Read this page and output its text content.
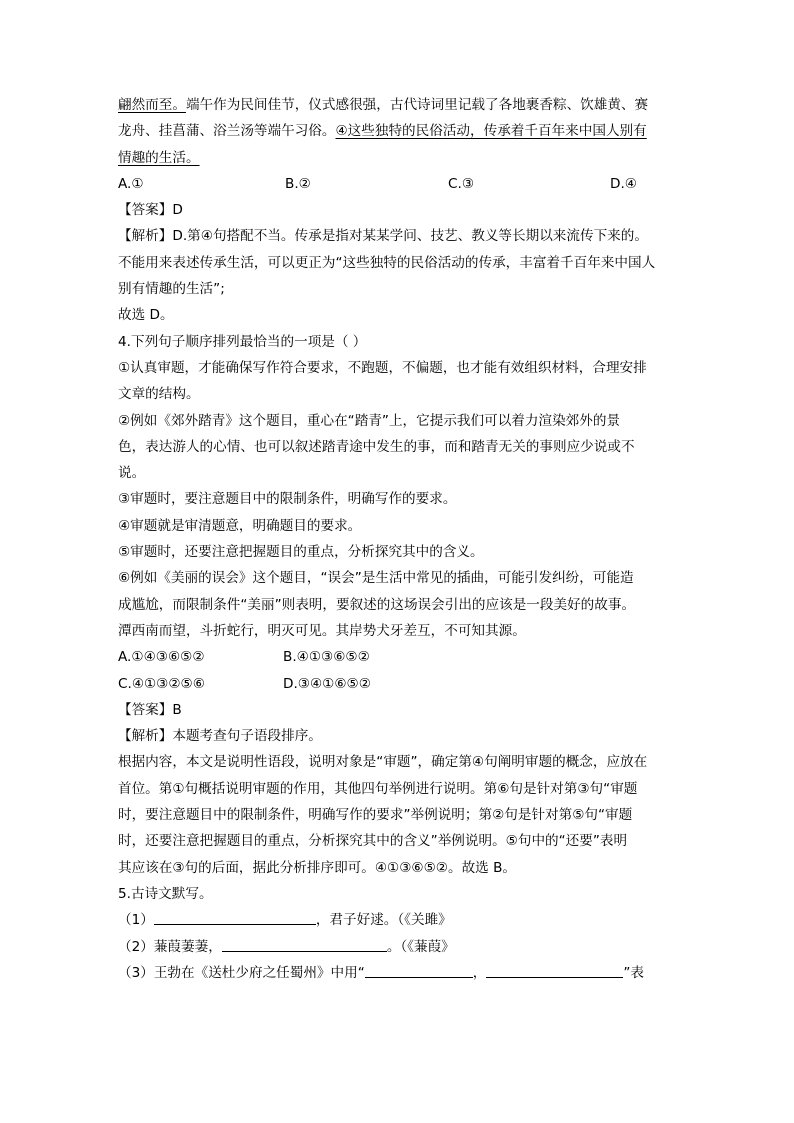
翩然而至。端午作为民间佳节，仪式感很强，古代诗词里记载了各地裹香粽、饮雄黄、赛
龙舟、挂菖蒲、浴兰汤等端午习俗。④这些独特的民俗活动，传承着千百年来中国人别有
情趣的生活。
A.①	B.②	C.③	D.④
【答案】D
【解析】D.第④句搭配不当。传承是指对某某学问、技艺、教义等长期以来流传下来的。
不能用来表述传承生活，可以更正为“这些独特的民俗活动的传承，丰富着千百年来中国人
别有情趣的生活”;
故选 D。
4.下列句子顺序排列最恰当的一项是（ ）
①认真审题，才能确保写作符合要求，不跑题，不偏题，也才能有效组织材料，合理安排
文章的结构。
②例如《郊外踏青》这个题目，重心在“踏青”上，它提示我们可以着力渲染郊外的景
色，表达游人的心情、也可以叙述踏青途中发生的事，而和踏青无关的事则应少说或不
说。
③审题时，要注意题目中的限制条件，明确写作的要求。
④审题就是审清题意，明确题目的要求。
⑤审题时，还要注意把握题目的重点，分析探究其中的含义。
⑥例如《美丽的误会》这个题目，“误会”是生活中常见的插曲，可能引发纠纷，可能造
成尴尬，而限制条件“美丽”则表明，要叙述的这场误会引出的应该是一段美好的故事。
潭西南而望，斗折蛇行，明灭可见。其岸势犬牙差互，不可知其源。
A.①④③⑥⑤②	B.④①③⑥⑤②
C.④①③②⑤⑥	D.③④①⑥⑤②
【答案】B
【解析】本题考查句子语段排序。
根据内容，本文是说明性语段，说明对象是“审题”，确定第④句阐明审题的概念，应放在
首位。第①句概括说明审题的作用，其他四句举例进行说明。第⑥句是针对第③句“审题
时，要注意题目中的限制条件，明确写作的要求”举例说明；第②句是针对第⑤句“审题
时，还要注意把握题目的重点，分析探究其中的含义”举例说明。⑤句中的“还要”表明
其应该在③句的后面，据此分析排序即可。④①③⑥⑤②。故选 B。
5.古诗文默写。
（1）	，君子好逑。（《关雎》
（2）蒹葭萋萋，	。（《蒹葭》
（3）王勃在《送杜少府之任蜀州》中用“	，	”表
